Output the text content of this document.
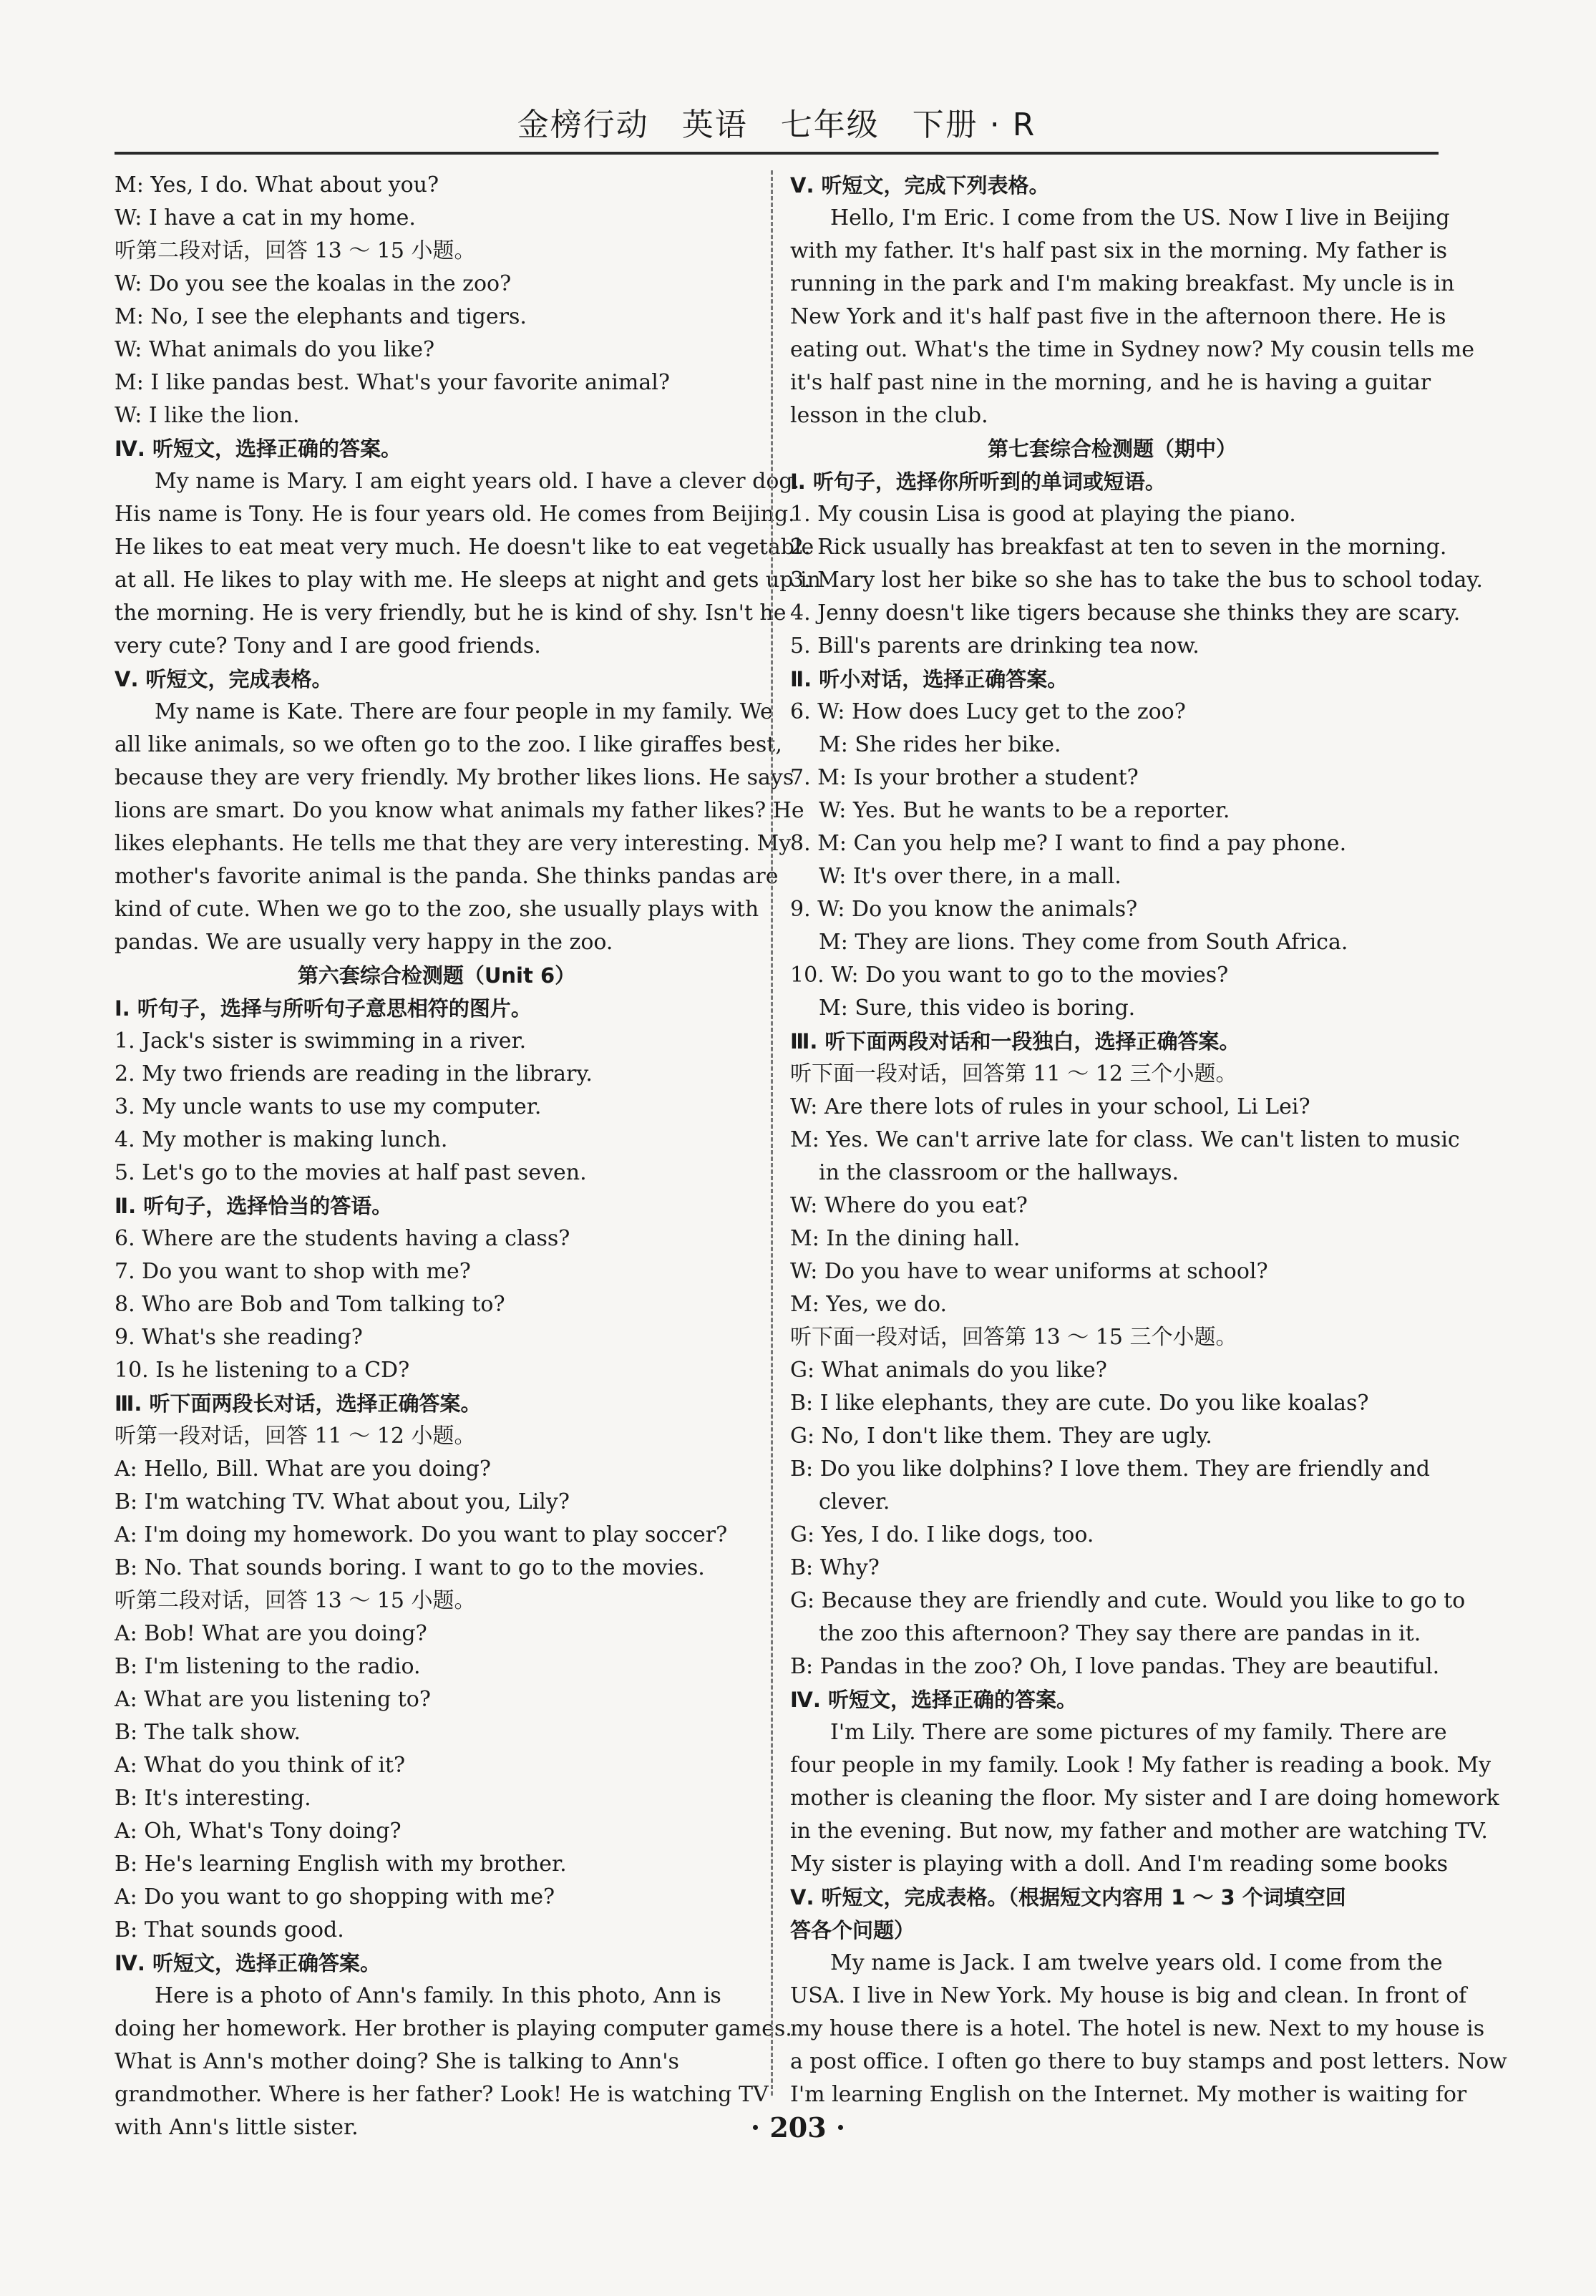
金榜行动　英语　七年级　下册 · R
M: Yes, I do. What about you?
W: I have a cat in my home.
听第二段对话，回答 13 ～ 15 小题。
W: Do you see the koalas in the zoo?
M: No, I see the elephants and tigers.
W: What animals do you like?
M: I like pandas best. What's your favorite animal?
W: I like the lion.
Ⅳ. 听短文，选择正确的答案。
My name is Mary. I am eight years old. I have a clever dog.
His name is Tony. He is four years old. He comes from Beijing.
He likes to eat meat very much. He doesn't like to eat vegetable
at all. He likes to play with me. He sleeps at night and gets up in
the morning. He is very friendly, but he is kind of shy. Isn't he
very cute? Tony and I are good friends.
Ⅴ. 听短文，完成表格。
My name is Kate. There are four people in my family. We
all like animals, so we often go to the zoo. I like giraffes best,
because they are very friendly. My brother likes lions. He says
lions are smart. Do you know what animals my father likes? He
likes elephants. He tells me that they are very interesting. My
mother's favorite animal is the panda. She thinks pandas are
kind of cute. When we go to the zoo, she usually plays with
pandas. We are usually very happy in the zoo.
第六套综合检测题（Unit 6）
Ⅰ. 听句子，选择与所听句子意思相符的图片。
1. Jack's sister is swimming in a river.
2. My two friends are reading in the library.
3. My uncle wants to use my computer.
4. My mother is making lunch.
5. Let's go to the movies at half past seven.
Ⅱ. 听句子，选择恰当的答语。
6. Where are the students having a class?
7. Do you want to shop with me?
8. Who are Bob and Tom talking to?
9. What's she reading?
10. Is he listening to a CD?
Ⅲ. 听下面两段长对话，选择正确答案。
听第一段对话，回答 11 ～ 12 小题。
A: Hello, Bill. What are you doing?
B: I'm watching TV. What about you, Lily?
A: I'm doing my homework. Do you want to play soccer?
B: No. That sounds boring. I want to go to the movies.
听第二段对话，回答 13 ～ 15 小题。
A: Bob! What are you doing?
B: I'm listening to the radio.
A: What are you listening to?
B: The talk show.
A: What do you think of it?
B: It's interesting.
A: Oh, What's Tony doing?
B: He's learning English with my brother.
A: Do you want to go shopping with me?
B: That sounds good.
Ⅳ. 听短文，选择正确答案。
Here is a photo of Ann's family. In this photo, Ann is
doing her homework. Her brother is playing computer games.
What is Ann's mother doing? She is talking to Ann's
grandmother. Where is her father? Look! He is watching TV
with Ann's little sister.
Ⅴ. 听短文，完成下列表格。
Hello, I'm Eric. I come from the US. Now I live in Beijing
with my father. It's half past six in the morning. My father is
running in the park and I'm making breakfast. My uncle is in
New York and it's half past five in the afternoon there. He is
eating out. What's the time in Sydney now? My cousin tells me
it's half past nine in the morning, and he is having a guitar
lesson in the club.
第七套综合检测题（期中）
Ⅰ. 听句子，选择你所听到的单词或短语。
1. My cousin Lisa is good at playing the piano.
2. Rick usually has breakfast at ten to seven in the morning.
3. Mary lost her bike so she has to take the bus to school today.
4. Jenny doesn't like tigers because she thinks they are scary.
5. Bill's parents are drinking tea now.
Ⅱ. 听小对话，选择正确答案。
6. W: How does Lucy get to the zoo?
M: She rides her bike.
7. M: Is your brother a student?
W: Yes. But he wants to be a reporter.
8. M: Can you help me? I want to find a pay phone.
W: It's over there, in a mall.
9. W: Do you know the animals?
M: They are lions. They come from South Africa.
10. W: Do you want to go to the movies?
M: Sure, this video is boring.
Ⅲ. 听下面两段对话和一段独白，选择正确答案。
听下面一段对话，回答第 11 ～ 12 三个小题。
W: Are there lots of rules in your school, Li Lei?
M: Yes. We can't arrive late for class. We can't listen to music
in the classroom or the hallways.
W: Where do you eat?
M: In the dining hall.
W: Do you have to wear uniforms at school?
M: Yes, we do.
听下面一段对话，回答第 13 ～ 15 三个小题。
G: What animals do you like?
B: I like elephants, they are cute. Do you like koalas?
G: No, I don't like them. They are ugly.
B: Do you like dolphins? I love them. They are friendly and
clever.
G: Yes, I do. I like dogs, too.
B: Why?
G: Because they are friendly and cute. Would you like to go to
the zoo this afternoon? They say there are pandas in it.
B: Pandas in the zoo? Oh, I love pandas. They are beautiful.
Ⅳ. 听短文，选择正确的答案。
I'm Lily. There are some pictures of my family. There are
four people in my family. Look ! My father is reading a book. My
mother is cleaning the floor. My sister and I are doing homework
in the evening. But now, my father and mother are watching TV.
My sister is playing with a doll. And I'm reading some books
Ⅴ. 听短文，完成表格。（根据短文内容用 1 ～ 3 个词填空回
答各个问题）
My name is Jack. I am twelve years old. I come from the
USA. I live in New York. My house is big and clean. In front of
my house there is a hotel. The hotel is new. Next to my house is
a post office. I often go there to buy stamps and post letters. Now
I'm learning English on the Internet. My mother is waiting for
· 203 ·
